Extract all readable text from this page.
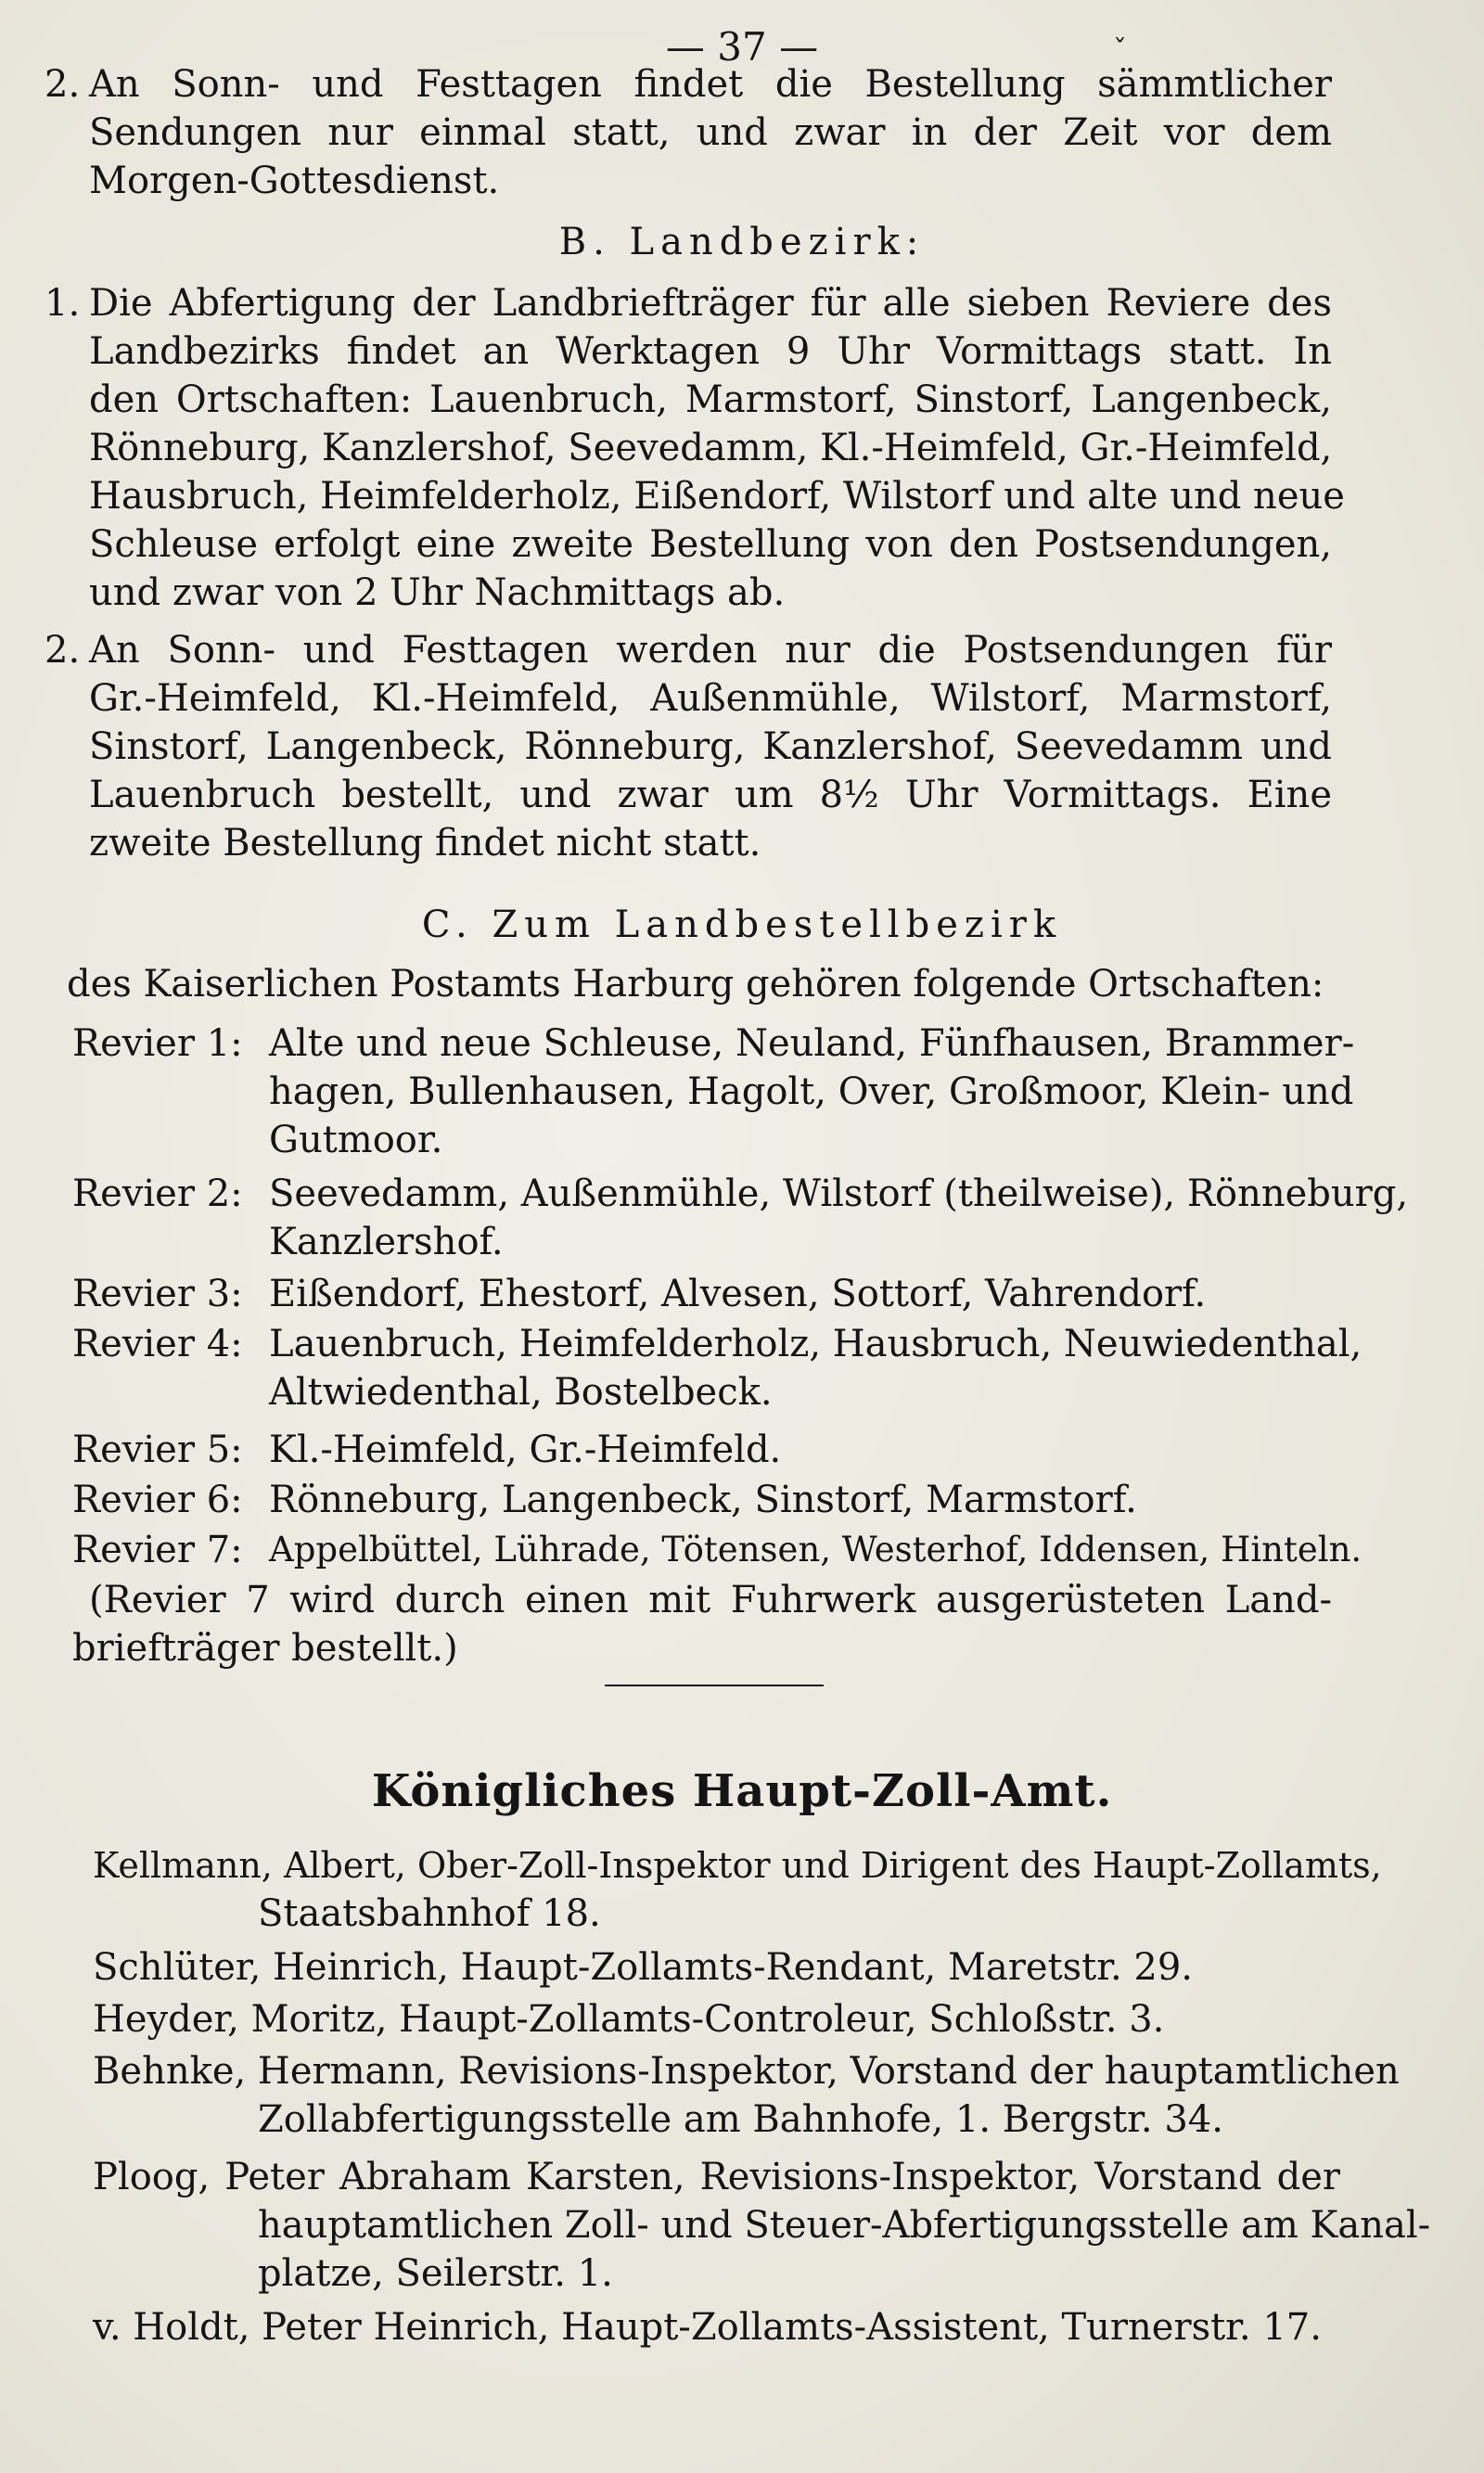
— 37 —	ˇ
2. An Sonn- und Festtagen findet die Bestellung sämmtlicher
Sendungen nur einmal statt, und zwar in der Zeit vor dem
Morgen-Gottesdienst.
B. Landbezirk:
1. Die Abfertigung der Landbriefträger für alle sieben Reviere des
Landbezirks findet an Werktagen 9 Uhr Vormittags statt. In
den Ortschaften: Lauenbruch, Marmstorf, Sinstorf, Langenbeck,
Rönneburg, Kanzlershof, Seevedamm, Kl.-Heimfeld, Gr.-Heimfeld,
Hausbruch, Heimfelderholz, Eißendorf, Wilstorf und alte und neue
Schleuse erfolgt eine zweite Bestellung von den Postsendungen,
und zwar von 2 Uhr Nachmittags ab.
2. An Sonn- und Festtagen werden nur die Postsendungen für
Gr.-Heimfeld, Kl.-Heimfeld, Außenmühle, Wilstorf, Marmstorf,
Sinstorf, Langenbeck, Rönneburg, Kanzlershof, Seevedamm und
Lauenbruch bestellt, und zwar um 8½ Uhr Vormittags. Eine
zweite Bestellung findet nicht statt.
C. Zum Landbestellbezirk
des Kaiserlichen Postamts Harburg gehören folgende Ortschaften:
Revier 1: Alte und neue Schleuse, Neuland, Fünfhausen, Brammer-
hagen, Bullenhausen, Hagolt, Over, Großmoor, Klein- und
Gutmoor.
Revier 2: Seevedamm, Außenmühle, Wilstorf (theilweise), Rönneburg,
Kanzlershof.
Revier 3: Eißendorf, Ehestorf, Alvesen, Sottorf, Vahrendorf.
Revier 4: Lauenbruch, Heimfelderholz, Hausbruch, Neuwiedenthal,
Altwiedenthal, Bostelbeck.
Revier 5: Kl.-Heimfeld, Gr.-Heimfeld.
Revier 6: Rönneburg, Langenbeck, Sinstorf, Marmstorf.
Revier 7: Appelbüttel, Lührade, Tötensen, Westerhof, Iddensen, Hinteln.
(Revier 7 wird durch einen mit Fuhrwerk ausgerüsteten Land-
briefträger bestellt.)
Königliches Haupt-Zoll-Amt.
Kellmann, Albert, Ober-Zoll-Inspektor und Dirigent des Haupt-Zollamts,
Staatsbahnhof 18.
Schlüter, Heinrich, Haupt-Zollamts-Rendant, Maretstr. 29.
Heyder, Moritz, Haupt-Zollamts-Controleur, Schloßstr. 3.
Behnke, Hermann, Revisions-Inspektor, Vorstand der hauptamtlichen
Zollabfertigungsstelle am Bahnhofe, 1. Bergstr. 34.
Ploog, Peter Abraham Karsten, Revisions-Inspektor, Vorstand der
hauptamtlichen Zoll- und Steuer-Abfertigungsstelle am Kanal-
platze, Seilerstr. 1.
v. Holdt, Peter Heinrich, Haupt-Zollamts-Assistent, Turnerstr. 17.
